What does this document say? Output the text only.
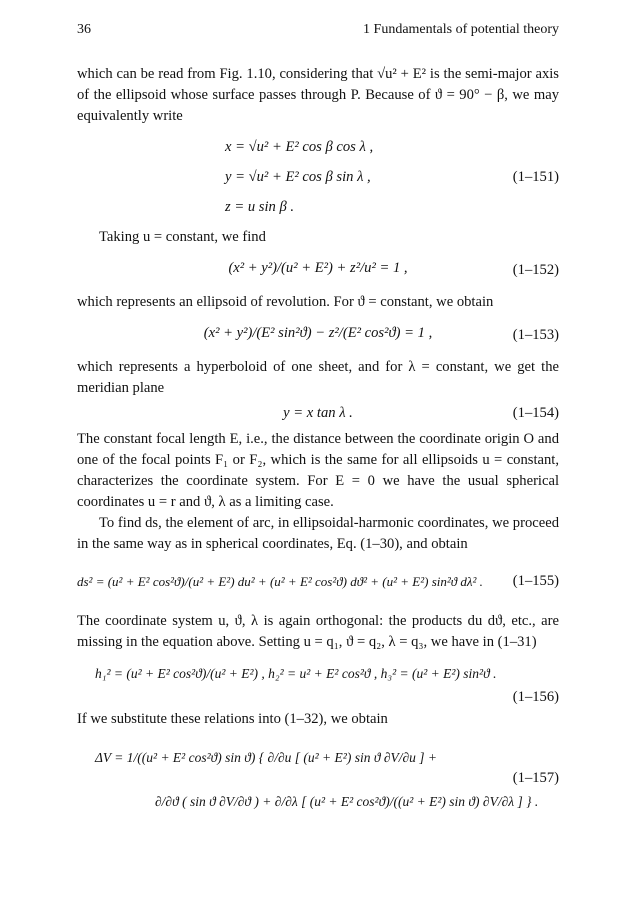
36	1 Fundamentals of potential theory

which can be read from Fig. 1.10, considering that √u² + E² is the semi-major axis of the ellipsoid whose surface passes through P. Because of ϑ = 90° − β, we may equivalently write

x = √u² + E² cos β cos λ ,
y = √u² + E² cos β sin λ ,	(1–151)
z = u sin β .

Taking u = constant, we find

(x² + y²)/(u² + E²) + z²/u² = 1 ,	(1–152)

which represents an ellipsoid of revolution. For ϑ = constant, we obtain

(x² + y²)/(E² sin²ϑ) − z²/(E² cos²ϑ) = 1 ,	(1–153)

which represents a hyperboloid of one sheet, and for λ = constant, we get the meridian plane

y = x tan λ .	(1–154)

The constant focal length E, i.e., the distance between the coordinate origin O and one of the focal points F₁ or F₂, which is the same for all ellipsoids u = constant, characterizes the coordinate system. For E = 0 we have the usual spherical coordinates u = r and ϑ, λ as a limiting case.

To find ds, the element of arc, in ellipsoidal-harmonic coordinates, we proceed in the same way as in spherical coordinates, Eq. (1–30), and obtain

ds² = (u² + E² cos²ϑ)/(u² + E²) du² + (u² + E² cos²ϑ) dϑ² + (u² + E²) sin²ϑ dλ² .	(1–155)

The coordinate system u, ϑ, λ is again orthogonal: the products du dϑ, etc., are missing in the equation above. Setting u = q₁, ϑ = q₂, λ = q₃, we have in (1–31)

h₁² = (u² + E² cos²ϑ)/(u² + E²) , h₂² = u² + E² cos²ϑ , h₃² = (u² + E²) sin²ϑ .
(1–156)

If we substitute these relations into (1–32), we obtain

ΔV = 1/((u² + E² cos²ϑ) sin ϑ) { ∂/∂u [ (u² + E²) sin ϑ ∂V/∂u ] +
∂/∂ϑ ( sin ϑ ∂V/∂ϑ ) + ∂/∂λ [ (u² + E² cos²ϑ)/((u² + E²) sin ϑ) ∂V/∂λ ] } .
(1–157)
